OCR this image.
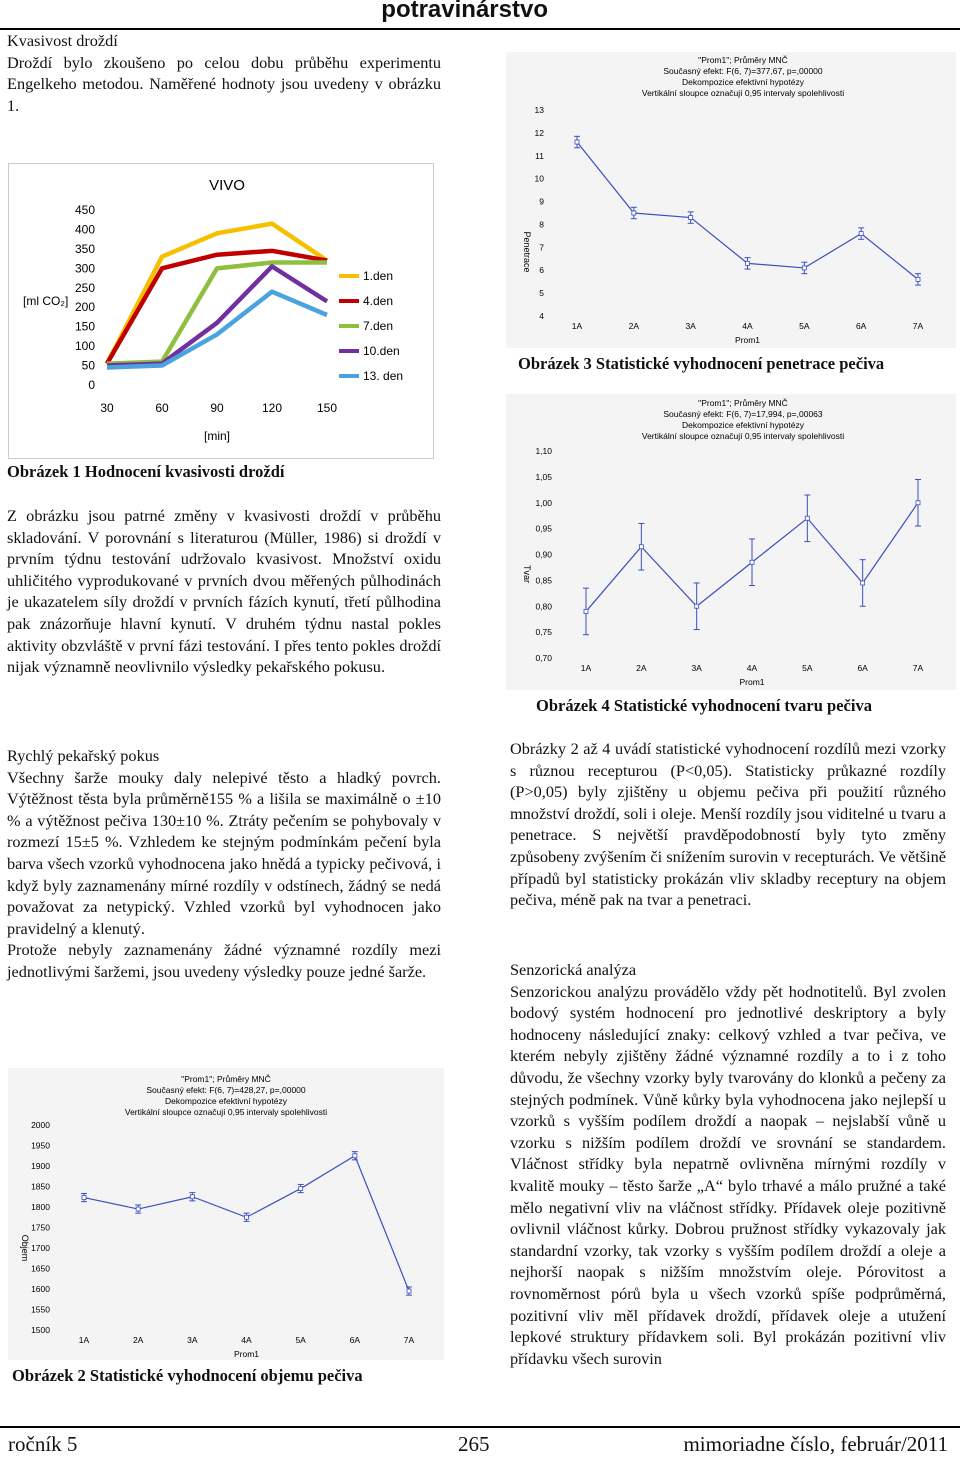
potravinárstvo

Kvasivost droždí

Droždí bylo zkoušeno po celou dobu průběhu experimentu Engelkeho metodou. Naměřené hodnoty jsou uvedeny v obrázku 1.

VIVO
0
50
100
150
200
250
300
350
400
450
30	60	90	120	150
[min]
[ml CO₂]
1.den
4.den
7.den
10.den
13. den
Obrázek 1 Hodnocení kvasivosti droždí

Z obrázku jsou patrné změny v kvasivosti droždí v průběhu skladování. V porovnání s literaturou (Müller, 1986) si droždí v prvním týdnu testování udržovalo kvasivost. Množství oxidu uhličitého vyprodukované v prvních dvou měřených půlhodinách je ukazatelem síly droždí v prvních fázích kynutí, třetí půlhodina pak znázorňuje hlavní kynutí. V druhém týdnu nastal pokles aktivity obzvláště v první fázi testování. I přes tento pokles droždí nijak významně neovlivnilo výsledky pekařského pokusu.

Rychlý pekařský pokus

Všechny šarže mouky daly nelepivé těsto a hladký povrch. Výtěžnost těsta byla průměrně155 % a lišila se maximálně o ±10 % a výtěžnost pečiva 130±10 %. Ztráty pečením se pohybovaly v rozmezí 15±5 %. Vzhledem ke stejným podmínkám pečení byla barva všech vzorků vyhodnocena jako hnědá a typicky pečivová, i když byly zaznamenány mírné rozdíly v odstínech, žádný se nedá považovat za netypický. Vzhled vzorků byl vyhodnocen jako pravidelný a klenutý.

Protože nebyly zaznamenány žádné významné rozdíly mezi jednotlivými šaržemi, jsou uvedeny výsledky pouze jedné šarže.

"Prom1"; Průměry MNČ
Současný efekt: F(6, 7)=428,27, p=,00000
Dekompozice efektivní hypotézy
Vertikální sloupce označují 0,95 intervaly spolehlivosti
1500
1550
1600
1650
1700
1750
1800
1850
1900
1950
2000
Objem
1A	2A	3A	4A	5A	6A	7A
Prom1
Obrázek 2 Statistické vyhodnocení objemu pečiva
"Prom1"; Průměry MNČ
Současný efekt: F(6, 7)=377,67, p=,00000
Dekompozice efektivní hypotézy
Vertikální sloupce označují 0,95 intervaly spolehlivosti
4
5
6
7
8
9
10
11
12
13
Penetrace
1A	2A	3A	4A	5A	6A	7A
Prom1
Obrázek 3 Statistické vyhodnocení penetrace pečiva
"Prom1"; Průměry MNČ
Současný efekt: F(6, 7)=17,994, p=,00063
Dekompozice efektivní hypotézy
Vertikální sloupce označují 0,95 intervaly spolehlivosti
0,70
0,75
0,80
0,85
0,90
0,95
1,00
1,05
1,10
Tvar
1A	2A	3A	4A	5A	6A	7A
Prom1
Obrázek 4 Statistické vyhodnocení tvaru pečiva

Obrázky 2 až 4 uvádí statistické vyhodnocení rozdílů mezi vzorky s různou recepturou (P<0,05). Statisticky průkazné rozdíly (P>0,05) byly zjištěny u objemu pečiva při použití různého množství droždí, soli i oleje. Menší rozdíly jsou viditelné u tvaru a penetrace. S největší pravděpodobností byly tyto změny způsobeny zvýšením či snížením surovin v recepturách. Ve většině případů byl statisticky prokázán vliv skladby receptury na objem pečiva, méně pak na tvar a penetraci.

Senzorická analýza

Senzorickou analýzu provádělo vždy pět hodnotitelů. Byl zvolen bodový systém hodnocení pro jednotlivé deskriptory a byly hodnoceny následující znaky: celkový vzhled a tvar pečiva, ve kterém nebyly zjištěny žádné významné rozdíly a to i z toho důvodu, že všechny vzorky byly tvarovány do klonků a pečeny za stejných podmínek. Vůně kůrky byla vyhodnocena jako nejlepší u vzorků s vyšším podílem droždí a naopak – nejslabší vůně u vzorku s nižším podílem droždí ve srovnání se standardem. Vláčnost střídky byla nepatrně ovlivněna mírnými rozdíly v kvalitě mouky – těsto šarže „A“ bylo trhavé a málo pružné a také mělo negativní vliv na vláčnost střídky. Přídavek oleje pozitivně ovlivnil vláčnost kůrky. Dobrou pružnost střídky vykazovaly jak standardní vzorky, tak vzorky s vyšším podílem droždí a oleje a nejhorší naopak s nižším množstvím oleje. Pórovitost a rovnoměrnost pórů byla u všech vzorků spíše podprůměrná, pozitivní vliv měl přídavek droždí, přídavek oleje a utužení lepkové struktury přídavkem soli. Byl prokázán pozitivní vliv přídavku všech surovin

ročník 5	265	mimoriadne číslo, február/2011
